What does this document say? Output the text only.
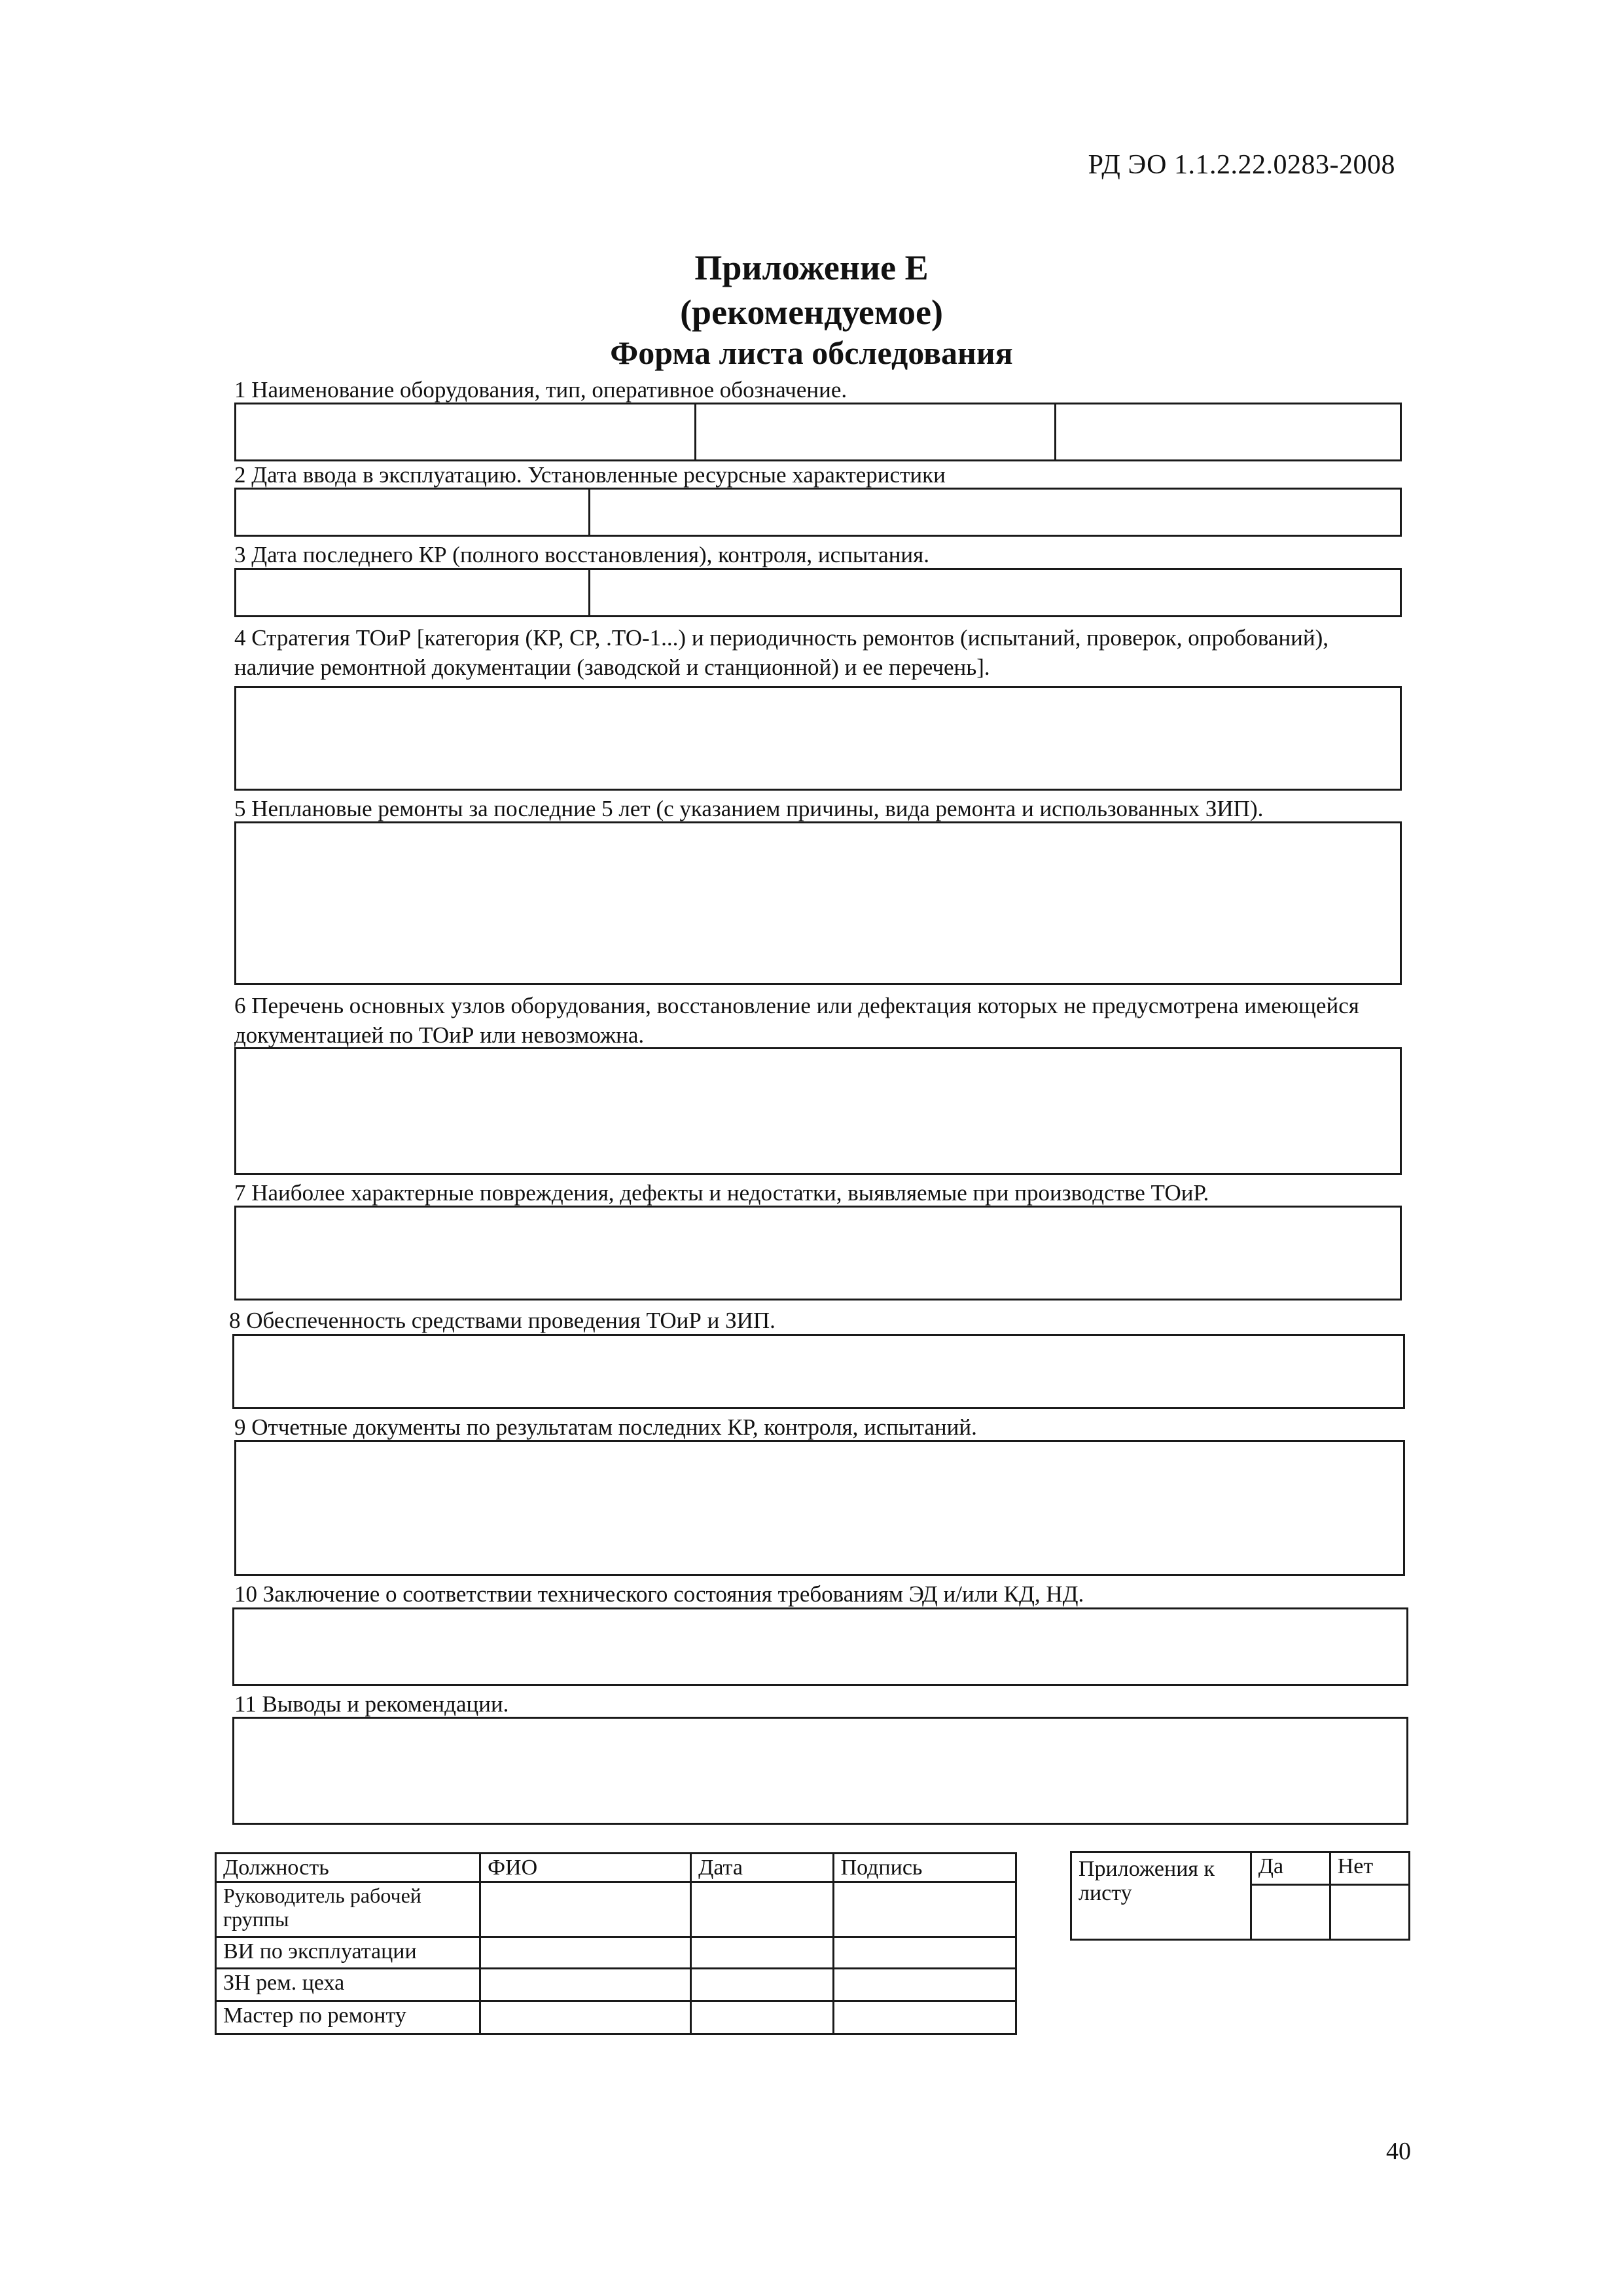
РД ЭО 1.1.2.22.0283-2008
Приложение Е
(рекомендуемое)
Форма листа обследования
1 Наименование оборудования, тип, оперативное обозначение.
2 Дата ввода в эксплуатацию. Установленные ресурсные характеристики
3 Дата последнего КР (полного восстановления), контроля, испытания.
4 Стратегия ТОиР [категория (КР, СР, .ТО-1...) и периодичность ремонтов (испытаний, проверок, опробований), наличие ремонтной документации (заводской и станционной) и ее перечень].
5 Неплановые ремонты за последние 5 лет (с указанием причины, вида ремонта и использованных ЗИП).
6 Перечень основных узлов оборудования, восстановление или дефектация которых не предусмотрена имеющейся документацией по ТОиР или невозможна.
7 Наиболее характерные повреждения, дефекты и недостатки, выявляемые при производстве ТОиР.
8 Обеспеченность средствами проведения ТОиР и ЗИП.
9 Отчетные документы по результатам последних КР, контроля, испытаний.
10 Заключение о соответствии технического состояния требованиям ЭД и/или КД, НД.
11 Выводы и рекомендации.
Должность	ФИО	Дата	Подпись
Руководитель рабочей группы			
ВИ по эксплуатации			
ЗН рем. цеха			
Мастер по ремонту			
Приложения к листу	Да	Нет

40
